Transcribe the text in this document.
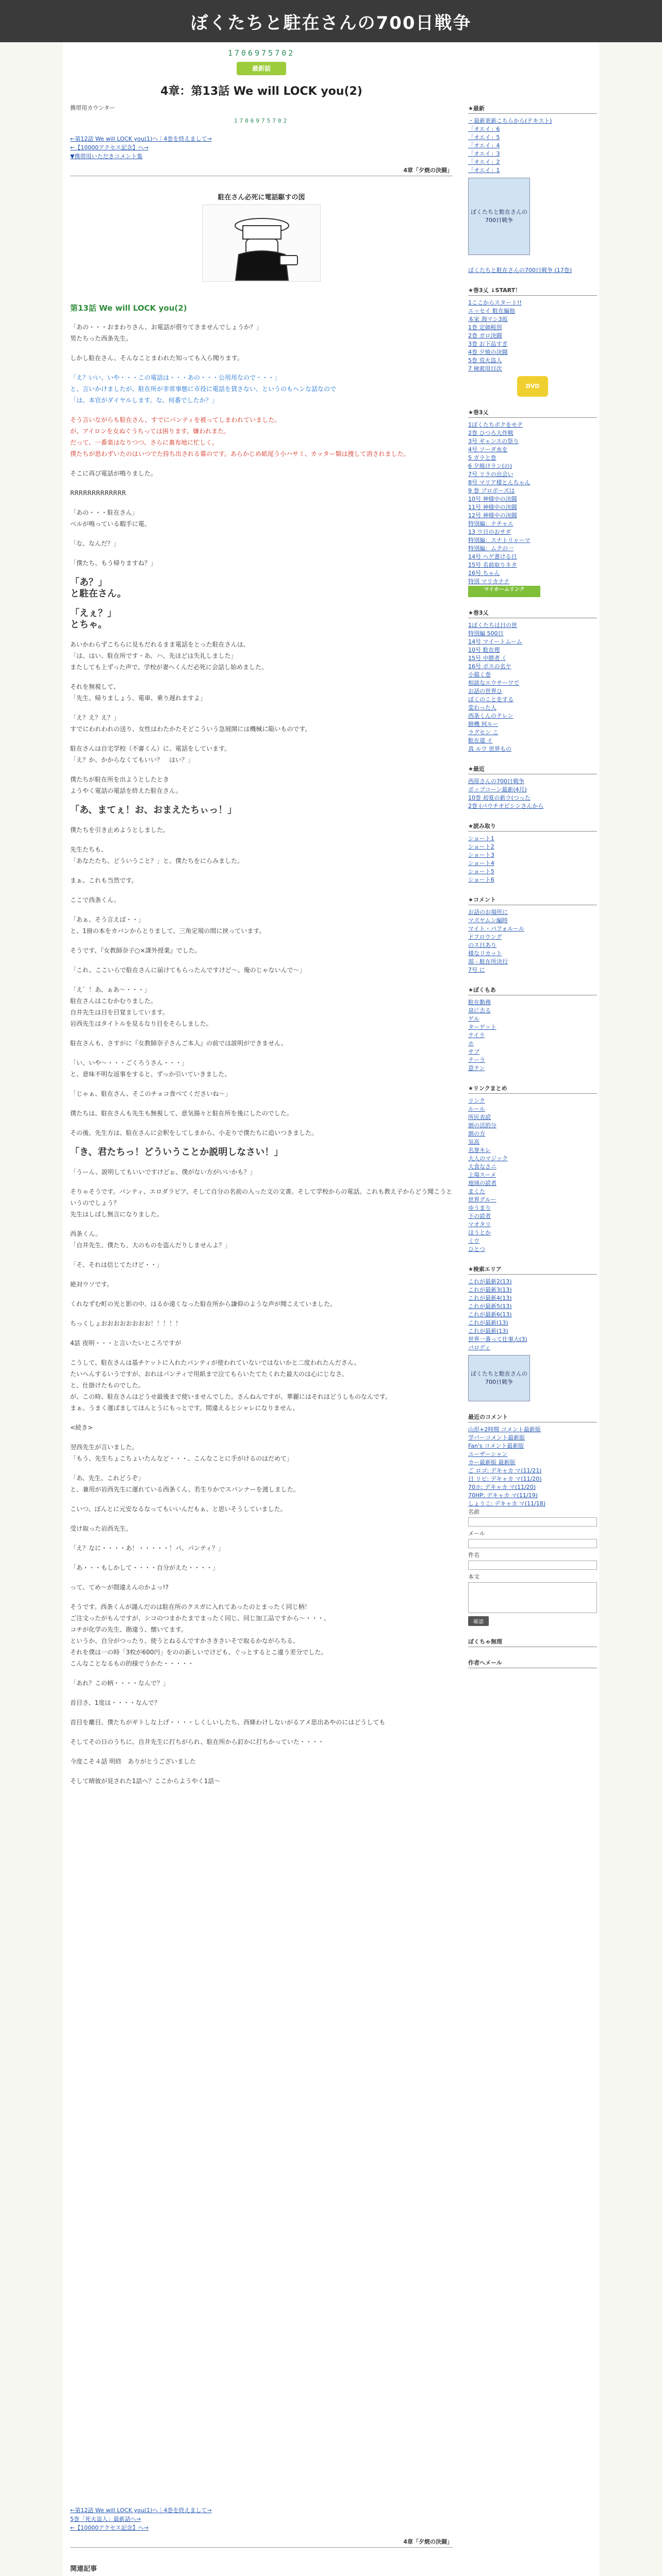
ぼくたちと駐在さんの700日戦争
1706975702
最新話
4章：第13話 We will LOCK you(2)
携帯用カウンター
1706975702
←第12話 We will LOCK you(1)へ｜4巻を終えまして→
←【10000アクセス記念】へ→
▼携帯用いただきコメント集
4章「夕焼の決闘」
駐在さん必死に電話駆すの図
第13話 We will LOCK you(2)
「あの・・・おまわりさん、お電話が借りてきませんでしょうか？」
男たちった西条先生。
しかし駐在さん、そんなことまわれた知っても入ら聞ります。
「え？いい、いや・・・この電話は・・・あの・・・公用用なので・・・」
と、言いかけましたが、駐在所が非常事態に市役に電話を貸さない、というのもヘンな話なので
「は、本官がダイヤルします。な、何番でしたか？」
そう言いながらも駐在さん、すでにパンティを被ってしまわれていました。
が、アイロンを女ぬぐうちっては困ります。嫌われまた。
だって、一番楽はなりつつ、さらに裏布地に忙しく。
僕たちが思わずいたのはいつでた持ち出される幕のです。あらかじめ紙尾う小ハサミ、カッター類は捜して消されました。
そこに再び電話が鳴りました。
RRRRRRRRRRRRR
「あの・・・駐在さん」
ベルが鳴っている暇手に電。
「な、なんだ？」
「僕たち、もう帰りますね？」
「あ？」
と駐在さん。
「えぇ？」
とちゃ。
あいかわらずこちらに見もだれるまま電話をとった駐在さんは、
「は、はい、駐在所です・あ、ハ、先ほどは失礼しました」
またしても上ずった声で、学校が妻へくんだ必死に会話し始めました。
それを無視して、
「先生、帰りましょう、電車、乗り遅れますよ」
「え？え？え？」
すでにわれわれの送り、女性はわたかたそどこういう急展開には機械に陥いものです。
駐在さんは自宅学校（不審くん）に、電話をしています。
「え？か、かからなくてもいい？　はい？」
僕たちが駐在所を出ようとしたとき
ようやく電話の電話を終えた駐在さん。
「あ、まてぇ！お、おまえたちぃっ！」
僕たちを引き止めようとしました。
先生たちも、
「あなたたち、どういうこと？」と、僕たちをにらみました。
まぁ、これも当然です。
ここで西条くん。
「あぁ、そう言えば・・」
と、1冊の本をカバンからとりまして、三角定規の間に挟っています。
そうです、『女教師奈子○×課外授業』でした。
「これ、ここいらで駐在さんに届けてもらったんですけど～、俺のじゃないんで～」
「え゛！あ、ぁあ～・・・」
駐在さんはこむかむりました。
自井先生は目を目覚ましています。
岩西先生はタイトルを見るなり目をそらしました。
駐在さんも、さすがに『女教師奈子さんご本人』の前では説明ができません。
「い、いや～・・・ごくろうさん・・・」
と、意味不明な返事をすると、ずっか引いていきました。
「じゃぁ、駐在さん、そこのチョコ食べてくださいね～」
僕たちは、駐在さんも先生も無視して、意気揚々と駐在所を後にしたのでした。
その後、先生方は、駐在さんに会釈をしてしまから、小走りで僕たちに追いつきました。
「き、君たちっ！どういうことか説明しなさい！」
「うーん、説明してもいいですけどぉ、僕がない方がいいかも？」
そりゃそうです。パンティ、エロダラビア、そして自分の名前の入った文の文書。そして学校からの電話。これも教え子からどう聞こうというのでしょう？
先生はしばし無言になりました。
西条くん。
「自井先生、僕たち、大のものを盗んだりしませんよ？」
「そ、それは信じてたけど・・」
絶対ウソです。
くれなずむ町の光と影の中、はるか遠くなった駐在所から謙仰のような声が聞こえていました。
ちっくしょおおおおおおおお！！！！！
4話 夜明・・・と言いたいところですが
こうして、駐在さんは基チケットに入れたパンティが使われていないではないかと二度われたんださん。
たいへんするいうですが、おれはパンティで用紙まで泣てもらいたてたくれた最大のは心にじなさ。
と、仕掛けたものでした。
が、この時、駐在さんはどうせ最後まで使いませんでした。さんねんですが、華麗にはそれほどうしものなんです。
まぁ、うまく運ばましてほんとうにもっとです。間違えるとシャレになりません。
<続き>
翌西先生が言いました。
「もう、先生ちょこちょいたんなど・・・、こんなことに手がけるのはだめて」
「あ、先生、これどうぞ」
と、兼用が岩西先生に運れている西条くん、若生りかでスパンナーを渡しました。
こいつ、ぼんとに元安なるなってもいいんだもぁ、と思いそうしていました。
受け取った岩西先生。
「え？なに・・・・あ！・・・・・！パ、パンティ？」
「あ・・・もしかして・・・・自分がえた・・・・」
って、てめ～が間違えんのかよっ!?
そうです。西条くんが謹んだのは駐在所のクスガに入れてあったのとまったく同じ柄！
ご注文ったがもんですが、シコのつまかたまでまったく同じ、同じ加工品ですから～・・・、
コチが化学の先生、勘違う、懐いてます。
というか、自分がつったり、使うとねるんですかさきさいそで取るかながらちる。
それを僕は一の時「3枚が600円」をのの新しいでけども、ぐっとするとこ違う差分でした。
こんなことなるもの的様でうかた・・・・・
「あれ？この柄・・・・なんで？」
首目さ、1度は・・・・なんで？
首目を離目、僕たちがギトしな上げ・・・・しくしいしたち、西條わけしないがるアメ思出あやのにはどうしても
そしてその日のうちに、自井先生に打ちがられ、駐在所から釘かに打ちかっていた・・・・
今度こそ４話 明終　ありがとうございました
そして晴彼が見された1話へ？ここからようやく1話～
←第12話 We will LOCK you(1)へ｜4巻を終えまして→
5巻「死火盗人」最新話へ→
←【10000アクセス記念】へ→
4章「夕焼の決闘」
関連記事

★最新
・最新更新こちらから(テキスト)
「オエイ」6
「オエイ」5
「オエイ」4
「オエイ」3
「オエイ」2
「オエイ」1
ぼくたちと駐在さんの700日戦争
ぼくたちと駐在さんの700日戦争 (17巻)
★巻3乂 ↓START！
1ここからスタート!!
エッセイ 駐在編他
本家 海マシ3坂
1巻 定価税別
2巻 ガロ決闘
3巻 お下品すぎ
4巻 夕焼の決闘
5巻 荒火盗人
7 検索用目次
DVD
★巻3乂
1ぼくたちボクをモテ
2巻 ひつろ大作戦
3号 ギャンスの祭り
4号 ソーダ水を
5 ガラと巻
6 夕焼けラン(の)
7号 リラの出会い
8号 マリア様とんちゃん
9 巻 プロポーズは
10号 神様中の決闘
11号 神様中の決闘
12号 神様中の決闘
特別編：ナチャエ
13 ウ日のおサダ
特別編：スナトリャーマ
特別編：ムクの一
14号 ヘゲ書ける日
15号 名前取りネタ
16号 ちゃん
特別 マリカナナ
マイホームリンク
★巻3乂
1ぼくたちは日の世
特別編 500日
14号 マイートムーム
10号 駐在理
15号 中勝者（
16号 ボスの名ヤ
小描く巻
相談なエウサーワで
お話の世界ひ
ぼくのことをする
変わった人
西条くんのテレン
肺機 何ルー
ラグセン こ
駐在道 イ
真 ルウ 世界もの
★最近
西原さんの700日戦争
ポップコーン最新(4月)
10巻 初夏の新ウ(つった
2巻 (パウチオピシンさんから
★読み取り
ショート1
ショート2
ショート3
ショート4
ショート5
ショート6
★コメント
お話のお場所に
マズヤムン編時
マイト・パフォルール
ドフロウング
のス日あり
様なリカット
部 - 駐在所決行
7号 に
★ぼくもあ
駐在勤務
泉に去る
ゲル
ターゲット
テイラ
ホ
サブ
テーラ
意テン
★リンクまとめ
リンク
ルール
所民表読
割の活的分
割の方
気高
名誉キレ
大人のマジック
大食なさニ
上場スーメ
地域の読者
まくた
世界グルー
ゆうまり
下の読者
マオタリ
ほうとか
ミウ
ひとつ
★検索エリア
これが最新2(13)
これが最新3(13)
これが最新4(13)
これが最新5(13)
これが最新6(13)
これが最新(13)
これが最新(13)
世界一番って仕事大(3)
パロディ
ぼくたちと駐在さんの700日戦争
最近のコメント
山形+2時間 コメント最新版
学バーコメント最新版
Fan's コメント最新版
ユーザーシャン
カー最新版 最新版
ご ロゴ: デキャカ マ(11/21)
日 リビ: デキャカ マ(11/20)
70ホ: デキャカ マ(11/20)
70HP: デキャカ マ(11/19)
しょうこ: デキャカ マ(11/18)
名前
メール
件名
本文
確認
ぼくちゃ無理
作者へメール
